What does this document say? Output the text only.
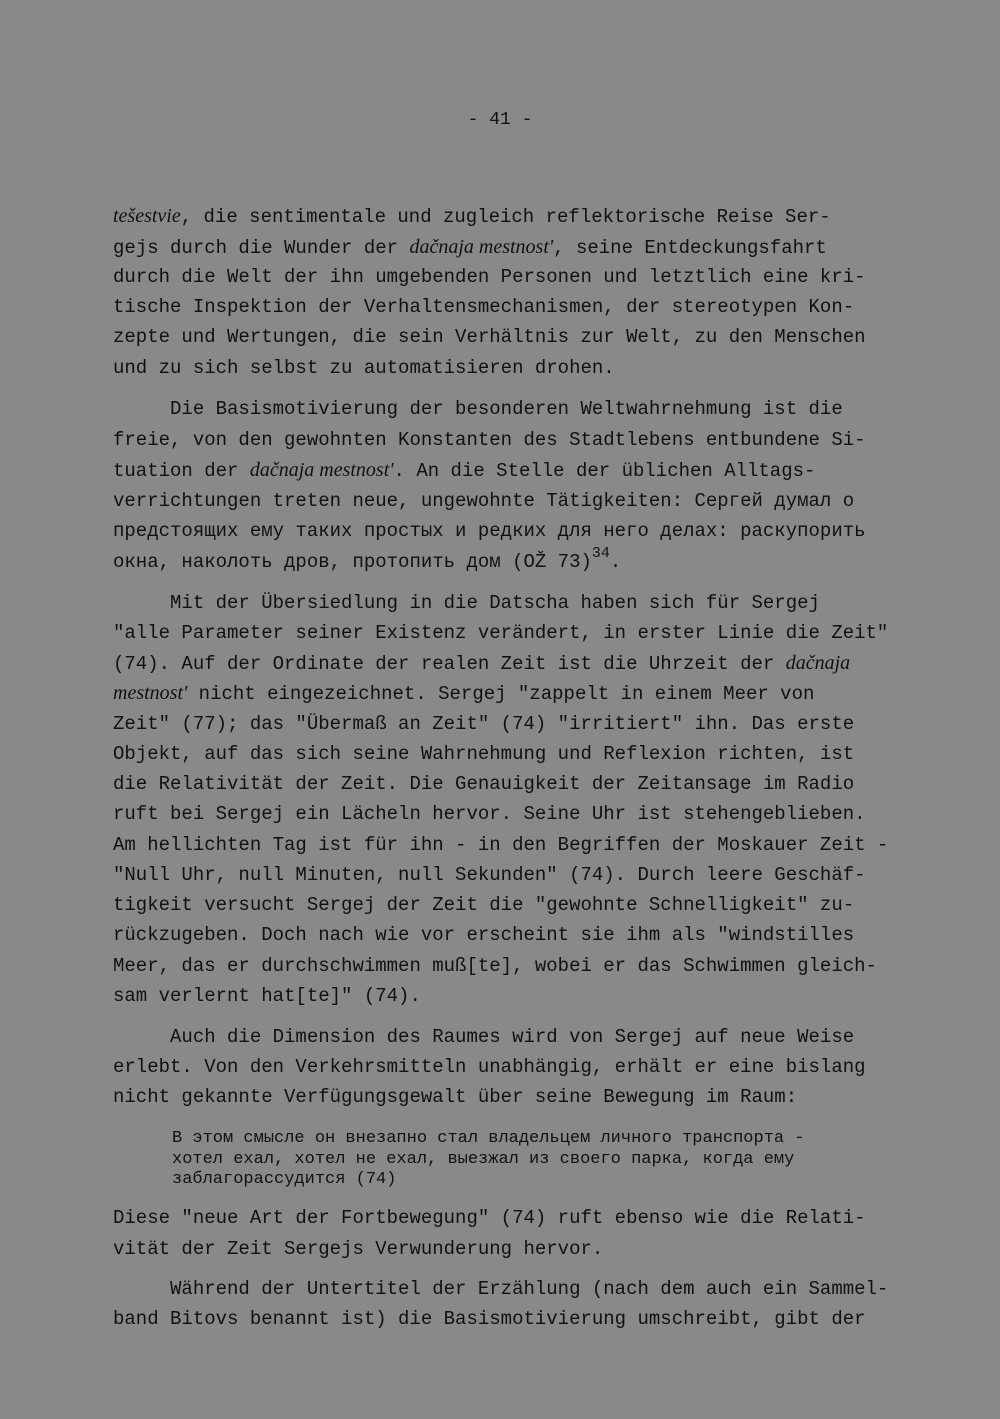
- 41 -
tešestvie, die sentimentale und zugleich reflektorische Reise Ser-
gejs durch die Wunder der dačnaja mestnost', seine Entdeckungsfahrt
durch die Welt der ihn umgebenden Personen und letztlich eine kri-
tische Inspektion der Verhaltensmechanismen, der stereotypen Kon-
zepte und Wertungen, die sein Verhältnis zur Welt, zu den Menschen
und zu sich selbst zu automatisieren drohen.
Die Basismotivierung der besonderen Weltwahrnehmung ist die
freie, von den gewohnten Konstanten des Stadtlebens entbundene Si-
tuation der dačnaja mestnost'. An die Stelle der üblichen Alltags-
verrichtungen treten neue, ungewohnte Tätigkeiten: Сергей думал о
предстоящих ему таких простых и редких для него делах: раскупорить
окна, наколоть дров, протопить дом (OŽ 73)$^{34}$.
Mit der Übersiedlung in die Datscha haben sich für Sergej
"alle Parameter seiner Existenz verändert, in erster Linie die Zeit"
(74). Auf der Ordinate der realen Zeit ist die Uhrzeit der dačnaja
mestnost' nicht eingezeichnet. Sergej "zappelt in einem Meer von
Zeit" (77); das "Übermaß an Zeit" (74) "irritiert" ihn. Das erste
Objekt, auf das sich seine Wahrnehmung und Reflexion richten, ist
die Relativität der Zeit. Die Genauigkeit der Zeitansage im Radio
ruft bei Sergej ein Lächeln hervor. Seine Uhr ist stehengeblieben.
Am hellichten Tag ist für ihn - in den Begriffen der Moskauer Zeit -
"Null Uhr, null Minuten, null Sekunden" (74). Durch leere Geschäf-
tigkeit versucht Sergej der Zeit die "gewohnte Schnelligkeit" zu-
rückzugeben. Doch nach wie vor erscheint sie ihm als "windstilles
Meer, das er durchschwimmen muß[te], wobei er das Schwimmen gleich-
sam verlernt hat[te]" (74).
Auch die Dimension des Raumes wird von Sergej auf neue Weise
erlebt. Von den Verkehrsmitteln unabhängig, erhält er eine bislang
nicht gekannte Verfügungsgewalt über seine Bewegung im Raum:
В этом смысле он внезапно стал владельцем личного транспорта -
хотел ехал, хотел не ехал, выезжал из своего парка, когда ему
заблагорассудится (74)
Diese "neue Art der Fortbewegung" (74) ruft ebenso wie die Relati-
vität der Zeit Sergejs Verwunderung hervor.
Während der Untertitel der Erzählung (nach dem auch ein Sammel-
band Bitovs benannt ist) die Basismotivierung umschreibt, gibt der
